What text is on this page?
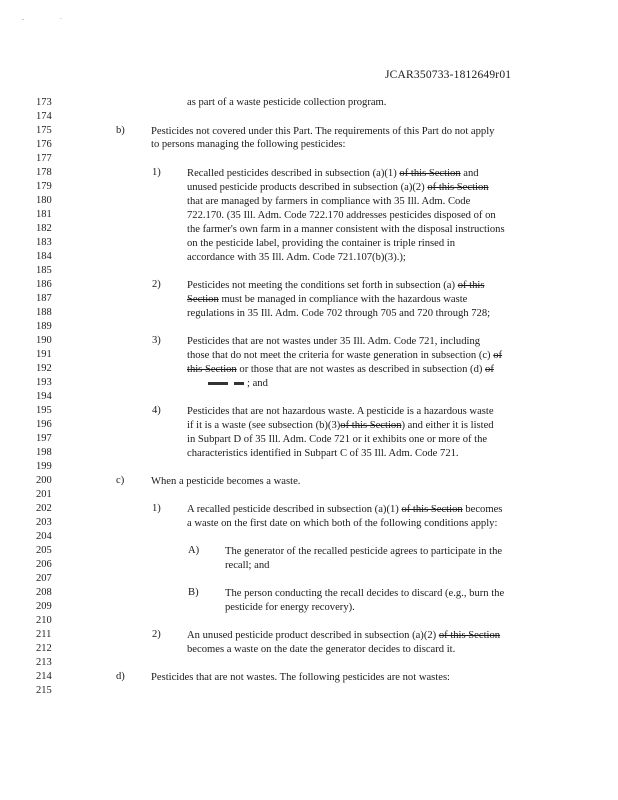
-	·
JCAR350733-1812649r01
173
174
175
176
177
178
179
180
181
182
183
184
185
186
187
188
189
190
191
192
193
194
195
196
197
198
199
200
201
202
203
204
205
206
207
208
209
210
211
212
213
214
215
as part of a waste pesticide collection program.
b) Pesticides not covered under this Part. The requirements of this Part do not apply
to persons managing the following pesticides:
1) Recalled pesticides described in subsection (a)(1) of this Section and
unused pesticide products described in subsection (a)(2) of this Section
that are managed by farmers in compliance with 35 Ill. Adm. Code
722.170. (35 Ill. Adm. Code 722.170 addresses pesticides disposed of on
the farmer's own farm in a manner consistent with the disposal instructions
on the pesticide label, providing the container is triple rinsed in
accordance with 35 Ill. Adm. Code 721.107(b)(3).);
2) Pesticides not meeting the conditions set forth in subsection (a) of this
Section must be managed in compliance with the hazardous waste
regulations in 35 Ill. Adm. Code 702 through 705 and 720 through 728;
3) Pesticides that are not wastes under 35 Ill. Adm. Code 721, including
those that do not meet the criteria for waste generation in subsection (c) of
this Section or those that are not wastes as described in subsection (d) of
; and
4) Pesticides that are not hazardous waste. A pesticide is a hazardous waste
if it is a waste (see subsection (b)(3)of this Section) and either it is listed
in Subpart D of 35 Ill. Adm. Code 721 or it exhibits one or more of the
characteristics identified in Subpart C of 35 Ill. Adm. Code 721.
c)	When a pesticide becomes a waste.
1) A recalled pesticide described in subsection (a)(1) of this Section becomes
a waste on the first date on which both of the following conditions apply:
A) The generator of the recalled pesticide agrees to participate in the
recall; and
B) The person conducting the recall decides to discard (e.g., burn the
pesticide for energy recovery).
2) An unused pesticide product described in subsection (a)(2) of this Section
becomes a waste on the date the generator decides to discard it.
d) Pesticides that are not wastes. The following pesticides are not wastes:
